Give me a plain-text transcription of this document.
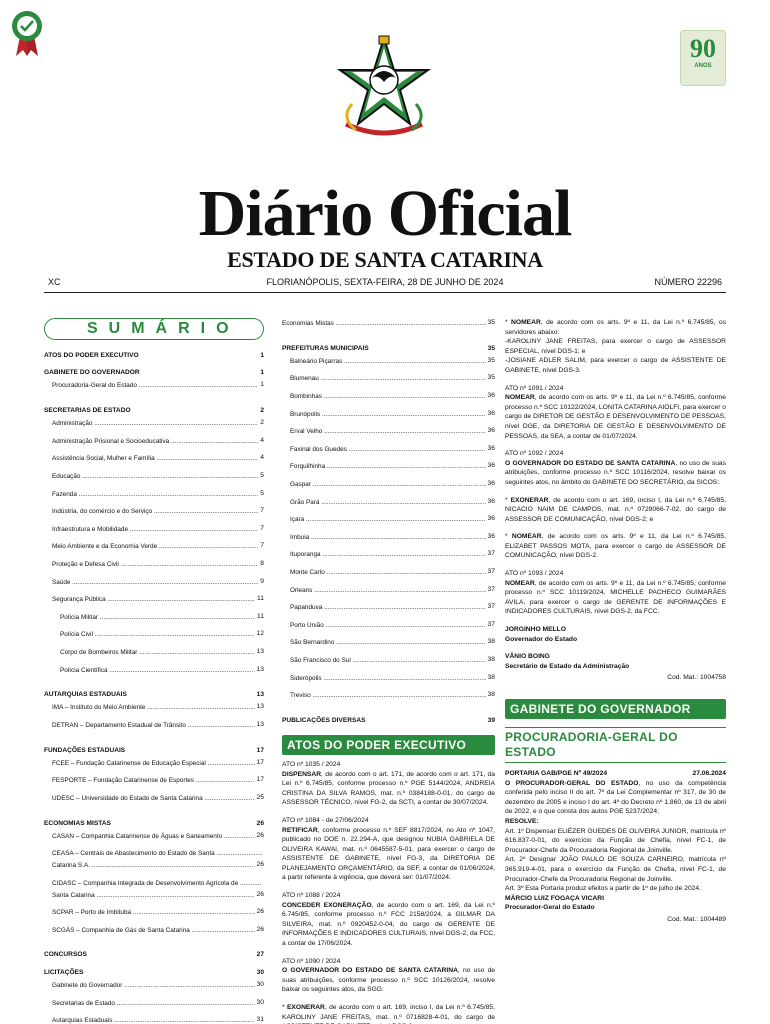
90
ANOS
Diário Oficial
ESTADO DE SANTA CATARINA
XC	FLORIANÓPOLIS, SEXTA-FEIRA, 28 DE JUNHO DE 2024	NÚMERO 22296
SUMÁRIO
ATOS DO PODER EXECUTIVO	1
GABINETE DO GOVERNADOR	1
Procuradoria-Geral do Estado .....	1
SECRETARIAS DE ESTADO	2
Administração .....	2
Administração Prisional e Socioeducativa .....	4
Assistência Social, Mulher e Família .....	4
Educação .....	5
Fazenda .....	5
Indústria, do comércio e do Serviço .....	7
Infraestrutura e Mobilidade .....	7
Meio Ambiente e da Economia Verde .....	7
Proteção e Defesa Civil .....	8
Saúde .....	9
Segurança Pública .....	11
Polícia Militar .....	11
Polícia Civil .....	12
Corpo de Bombeiros Militar .....	13
Polícia Científica .....	13
AUTARQUIAS ESTADUAIS	13
IMA – Instituto do Meio Ambiente .....	13
DETRAN – Departamento Estadual de Trânsito .....	13
FUNDAÇÕES ESTADUAIS	17
FCEE – Fundação Catarinense de Educação Especial .....	17
FESPORTE – Fundação Catarinense de Esportes .....	17
UDESC – Universidade do Estado de Santa Catarina .....	25
ECONOMIAS MISTAS	26
CASAN – Companhia Catarinense de Águas e Saneamento .....	26
CEASA – Centrais de Abastecimento do Estado de Santa .....
Catarina S.A. .....	26
CIDASC – Companhia Integrada de Desenvolvimento Agrícola de .....
Santa Catarina .....	26
SCPAR – Porto de Imbituba .....	26
SCGÁS – Companhia de Gás de Santa Catarina .....	26
CONCURSOS	27
LICITAÇÕES	30
Gabinete do Governador .....	30
Secretarias de Estado .....	30
Autarquias Estaduais .....	31
Economias Mistas .....	35
PREFEITURAS MUNICIPAIS	35
Balneário Piçarras .....	35
Blumenau .....	35
Bombinhas .....	36
Brunópolis .....	36
Erval Velho .....	36
Faxinal dos Guedes .....	36
Forquilhinha .....	36
Gaspar .....	36
Grão Pará .....	36
Içara .....	36
Imbuia .....	36
Ituporanga .....	37
Monte Carlo .....	37
Orleans .....	37
Papanduva .....	37
Porto União .....	37
São Bernardino .....	38
São Francisco do Sul .....	38
Siderópolis .....	38
Treviso .....	38
PUBLICAÇÕES DIVERSAS	39
ATOS DO PODER EXECUTIVO
ATO nº 1035 / 2024
DISPENSAR, de acordo com o art. 171, de acordo com o art. 171, da Lei n.º 6.745/85, conforme processo n.º PGE 5144/2024, ANDREIA CRISTINA DA SILVA RAMOS, mat. n.º 0384188-0-01, do cargo de ASSESSOR TÉCNICO, nível FG-2, da SCTI, a contar de 30/07/2024.
ATO nº 1084 - de 27/06/2024
RETIFICAR, conforme processo n.º SEF 8817/2024, no Ato nº 1047, publicado no DOE n. 22.294-A, que designou NUBIA GABRIELA DE OLIVEIRA KAWAI, mat. n.º 0645587-5-01, para exercer o cargo de ASSISTENTE DE GABINETE, nível FG-3, da DIRETORIA DE PLANEJAMENTO ORÇAMENTÁRIO, da SEF, a contar de 01/06/2024, a partir referente à vigência, que deverá ser: 01/07/2024.
ATO nº 1088 / 2024
CONCEDER EXONERAÇÃO, de acordo com o art. 169, da Lei n.º 6.745/85, conforme processo n.º FCC 2158/2024, a GILMAR DA SILVEIRA, mat. n.º 0920452-0-04, do cargo de GERENTE DE INFORMAÇÕES E INDICADORES CULTURAIS, nível DGS-2, da FCC, a contar de 17/06/2024.
ATO nº 1090 / 2024
O GOVERNADOR DO ESTADO DE SANTA CATARINA, no uso de suas atribuições, conforme processo n.º SCC 10126/2024, resolve baixar os seguintes atos, da SGG:
* EXONERAR, de acordo com o art. 169, inciso I, da Lei n.º 6.745/85, KAROLINY JANE FREITAS, mat. n.º 0716828-4-01, do cargo de
* NOMEAR, de acordo com os arts. 9º e 11, da Lei n.º 6.745/85, os servidores abaixo:
-KAROLINY JANE FREITAS, para exercer o cargo de ASSESSOR ESPECIAL, nível DGS-1; e
-JOSIANE ADLER SALIM, para exercer o cargo de ASSISTENTE DE GABINETE, nível DGS-3.
ATO nº 1091 / 2024
NOMEAR, de acordo com os arts. 9º e 11, da Lei n.º 6.745/85, conforme processo n.º SCC 10122/2024, LONITA CATARINA AIOLFI, para exercer o cargo de DIRETOR DE GESTÃO E DESENVOLVIMENTO DE PESSOAS, nível DGE, da DIRETORIA DE GESTÃO E DESENVOLVIMENTO DE PESSOAS, da SEA, a contar de 01/07/2024.
ATO nº 1092 / 2024
O GOVERNADOR DO ESTADO DE SANTA CATARINA, no uso de suas atribuições, conforme processo n.º SCC 10116/2024, resolve baixar os seguintes atos, no âmbito do GABINETE DO SECRETÁRIO, da SICOS:
* EXONERAR, de acordo com o art. 169, inciso I, da Lei n.º 6.745/85, NICACIO NAIM DE CAMPOS, mat. n.º 0729066-7-02, do cargo de ASSESSOR DE COMUNICAÇÃO, nível DGS-2; e
* NOMEAR, de acordo com os arts. 9º e 11, da Lei n.º 6.745/85, ELIZABET PASSOS MOTA, para exercer o cargo de ASSESSOR DE COMUNICAÇÃO, nível DGS-2.
ATO nº 1093 / 2024
NOMEAR, de acordo com os arts. 9º e 11, da Lei n.º 6.745/85, conforme processo n.º SCC 10119/2024, MICHELLE PACHECO GUIMARÃES AVILA, para exercer o cargo de GERENTE DE INFORMAÇÕES E INDICADORES CULTURAIS, nível DGS-2, da FCC.
JORGINHO MELLO
Governador do Estado
VÂNIO BOING
Secretário de Estado da Administração
Cod. Mat.: 1004758
GABINETE DO GOVERNADOR
PROCURADORIA-GERAL DO ESTADO
PORTARIA GAB/PGE Nº 49/2024	27.06.2024
O PROCURADOR-GERAL DO ESTADO, no uso da competência conferida pelo inciso II do art. 7º da Lei Complementar nº 317, de 30 de dezembro de 2005 e inciso I do art. 4º do Decreto nº 1.860, de 13 de abril de 2022, e o que consta dos autos PGE 5237/2024;
RESOLVE:
Art. 1º Dispensar ELIÉZER GUEDES DE OLIVEIRA JUNIOR, matrícula nº 616.837-0-01, do exercício da Função de Chefia, nível FC-1, de Procurador-Chefe da Procuradoria Regional de Joinville.
Art. 2º Designar JOÃO PAULO DE SOUZA CARNEIRO, matrícula nº 365.919-4-01, para o exercício da Função de Chefia, nível FC-1, de Procurador-Chefe da Procuradoria Regional de Joinville.
Art. 3º Esta Portaria produz efeitos a partir de 1º de julho de 2024.
MÁRCIO LUIZ FOGAÇA VICARI
Procurador-Geral do Estado
Cod. Mat.: 1004489
